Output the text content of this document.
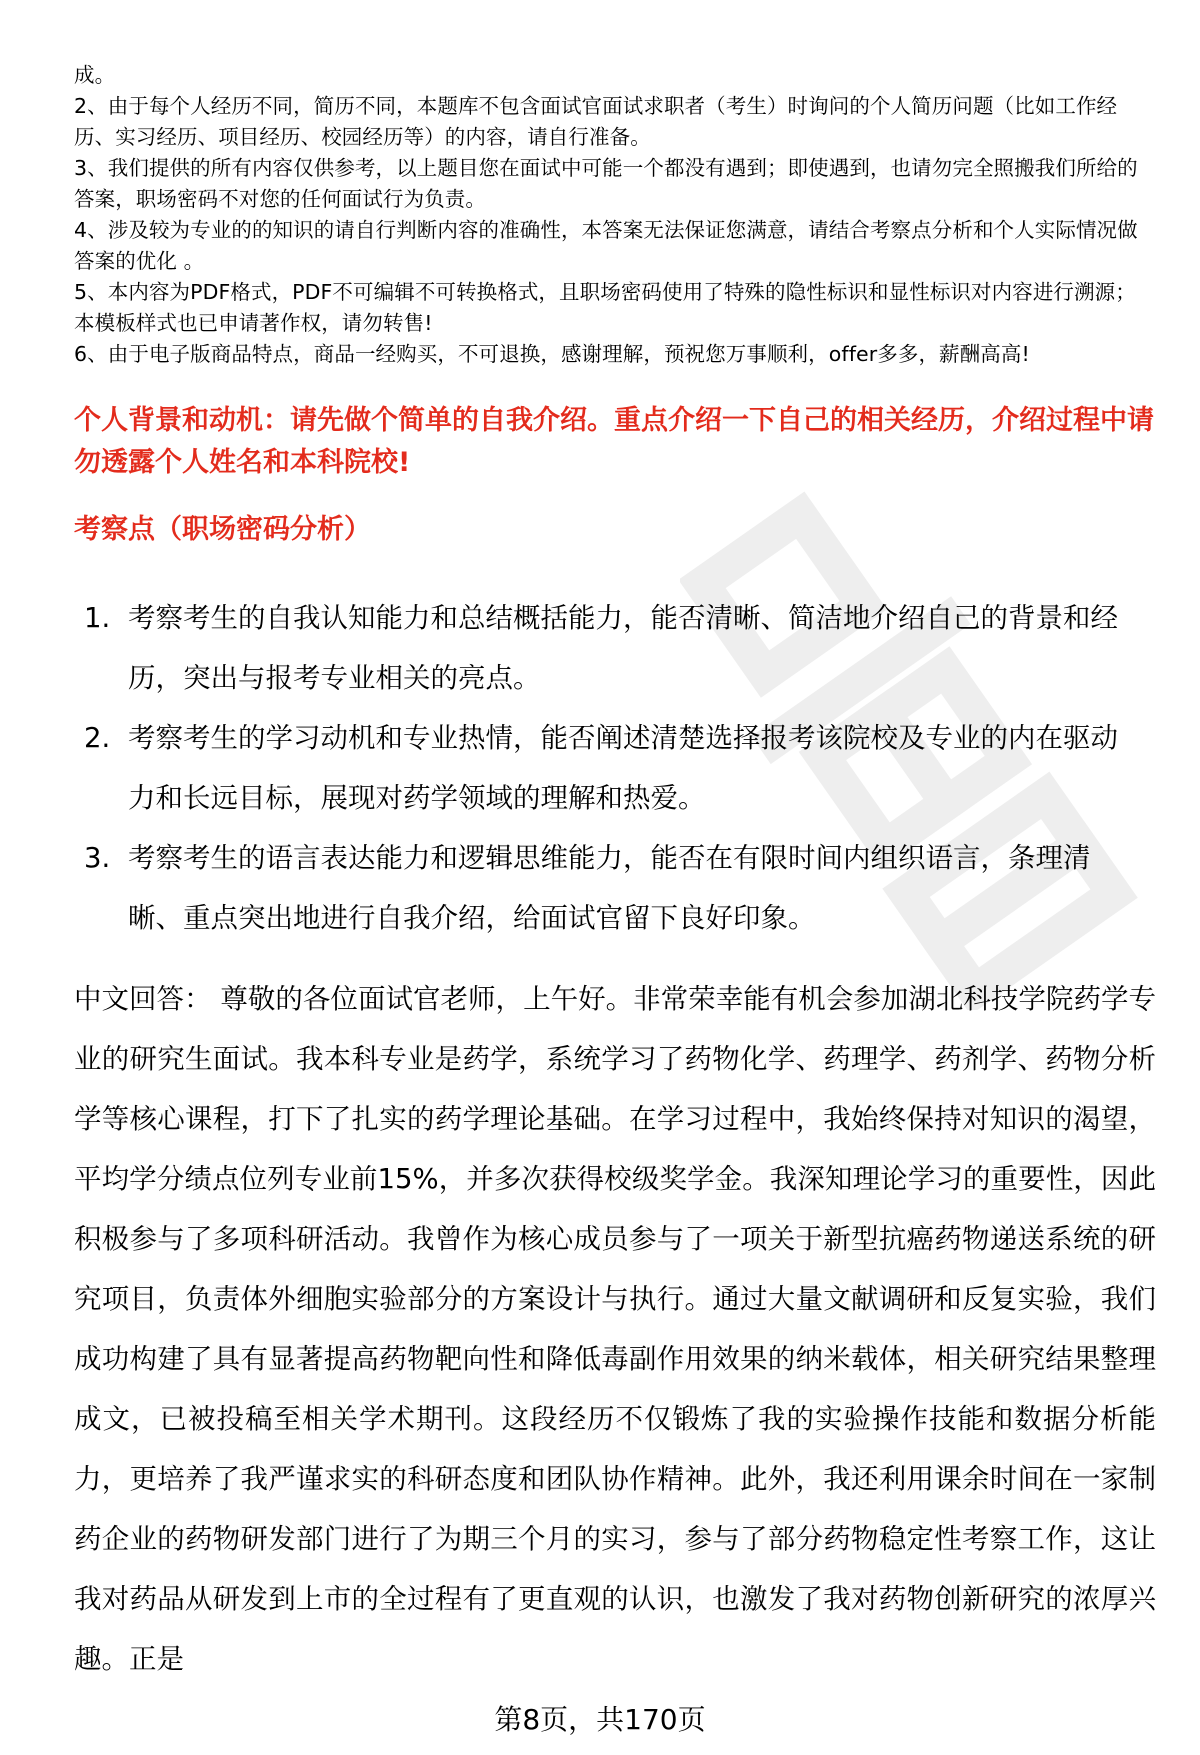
成。

2、由于每个人经历不同，简历不同，本题库不包含面试官面试求职者（考生）时询问的个人简历问题（比如工作经历、实习经历、项目经历、校园经历等）的内容，请自行准备。

3、我们提供的所有内容仅供参考，以上题目您在面试中可能一个都没有遇到；即使遇到，也请勿完全照搬我们所给的答案，职场密码不对您的任何面试行为负责。

4、涉及较为专业的的知识的请自行判断内容的准确性，本答案无法保证您满意，请结合考察点分析和个人实际情况做答案的优化 。

5、本内容为PDF格式，PDF不可编辑不可转换格式，且职场密码使用了特殊的隐性标识和显性标识对内容进行溯源；本模板样式也已申请著作权，请勿转售!

6、由于电子版商品特点，商品一经购买，不可退换，感谢理解，预祝您万事顺利，offer多多，薪酬高高!

个人背景和动机：请先做个简单的自我介绍。重点介绍一下自己的相关经历，介绍过程中请勿透露个人姓名和本科院校!
考察点（职场密码分析）
1. 考察考生的自我认知能力和总结概括能力，能否清晰、简洁地介绍自己的背景和经历，突出与报考专业相关的亮点。
2. 考察考生的学习动机和专业热情，能否阐述清楚选择报考该院校及专业的内在驱动力和长远目标，展现对药学领域的理解和热爱。
3. 考察考生的语言表达能力和逻辑思维能力，能否在有限时间内组织语言，条理清晰、重点突出地进行自我介绍，给面试官留下良好印象。

中文回答： 尊敬的各位面试官老师，上午好。非常荣幸能有机会参加湖北科技学院药学专业的研究生面试。我本科专业是药学，系统学习了药物化学、药理学、药剂学、药物分析学等核心课程，打下了扎实的药学理论基础。在学习过程中，我始终保持对知识的渴望，平均学分绩点位列专业前15%，并多次获得校级奖学金。我深知理论学习的重要性，因此积极参与了多项科研活动。我曾作为核心成员参与了一项关于新型抗癌药物递送系统的研究项目，负责体外细胞实验部分的方案设计与执行。通过大量文献调研和反复实验，我们成功构建了具有显著提高药物靶向性和降低毒副作用效果的纳米载体，相关研究结果整理成文，已被投稿至相关学术期刊。这段经历不仅锻炼了我的实验操作技能和数据分析能力，更培养了我严谨求实的科研态度和团队协作精神。此外，我还利用课余时间在一家制药企业的药物研发部门进行了为期三个月的实习，参与了部分药物稳定性考察工作，这让我对药品从研发到上市的全过程有了更直观的认识，也激发了我对药物创新研究的浓厚兴趣。正是

第8页，共170页
